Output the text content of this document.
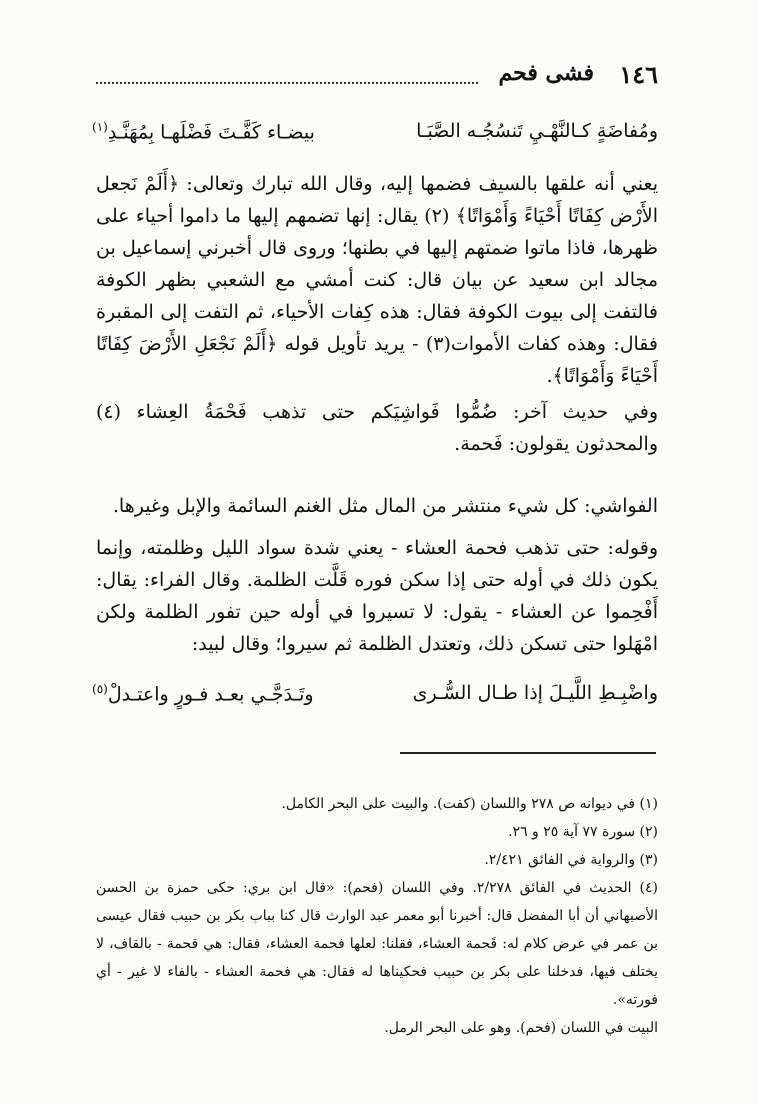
١٤٦
فشى فحم
ومُفاضَةٍ كـالنَّهْـيِ تَنسُجُـه الصَّبَـا
بيضـاء كَفَّـتَ فَضْلَهـا بِمُهَنَّـدِ$^{(١)}$
يعني أنه علقها بالسيف فضمها إليه، وقال الله تبارك وتعالى: ﴿أَلَمْ نَجعل الأَرْض كِفَاتًا أَحْيَاءً وَأَمْوَاتًا﴾ (٢) يقال: إنها تضمهم إليها ما داموا أحياء على ظهرها، فاذا ماتوا ضمتهم إليها في بطنها؛ وروى قال أخبرني إسماعيل بن مجالد ابن سعيد عن بيان قال: كنت أمشي مع الشعبي بظهر الكوفة فالتفت إلى بيوت الكوفة فقال: هذه كِفات الأحياء، ثم التفت إلى المقبرة فقال: وهذه كفات الأموات(٣) - يريد تأويل قوله ﴿أَلَمْ نَجْعَلِ الأَرْضَ كِفَاتًا أَحْيَاءً وَأَمْوَاتًا﴾.
وفي حديث آخر: ضُمُّوا فَواشِيَكم حتى تذهب فَحْمَةُ العِشاء (٤) والمحدثون يقولون: فَحمة.
الفواشي: كل شيء منتشر من المال مثل الغنم السائمة والإبل وغيرها.
وقوله: حتى تذهب فحمة العشاء - يعني شدة سواد الليل وظلمته، وإنما يكون ذلك في أوله حتى إذا سكن فوره قَلَّت الظلمة. وقال الفراء: يقال: أَفْحِموا عن العشاء - يقول: لا تسيروا في أوله حين تفور الظلمة ولكن امْهَلوا حتى تسكن ذلك، وتعتدل الظلمة ثم سيروا؛ وقال لبيد:
واضْبِـطِ اللَّيـلَ إذا طـال السُّـرى
وتَـدَجَّـي بعـد فـورٍ واعتـدلْ$^{(٥)}$
(١) في ديوانه ص ٢٧٨ واللسان (كفت). والبيت على البحر الكامل.
(٢) سورة ٧٧ آية ٢٥ و ٢٦.
(٣) والرواية في الفائق ٢/٤٢١.
(٤) الحديث في الفائق ٢/٢٧٨. وفي اللسان (فحم): «قال ابن بري: حكى حمزة بن الحسن الأصبهاني أن أبا المفضل قال: أخبرنا أبو معمر عبد الوارث قال كنا بباب بكر بن حبيب فقال عيسى بن عمر في عرض كلام له: قَحمة العشاء، فقلنا: لعلها فحمة العشاء، فقال: هي قحمة - بالقاف، لا يختلف فيها، فدخلنا على بكر بن حبيب فحكيناها له فقال: هي فحمة العشاء - بالفاء لا غير - أي فورته».
البيت في اللسان (فحم). وهو على البحر الرمل.
